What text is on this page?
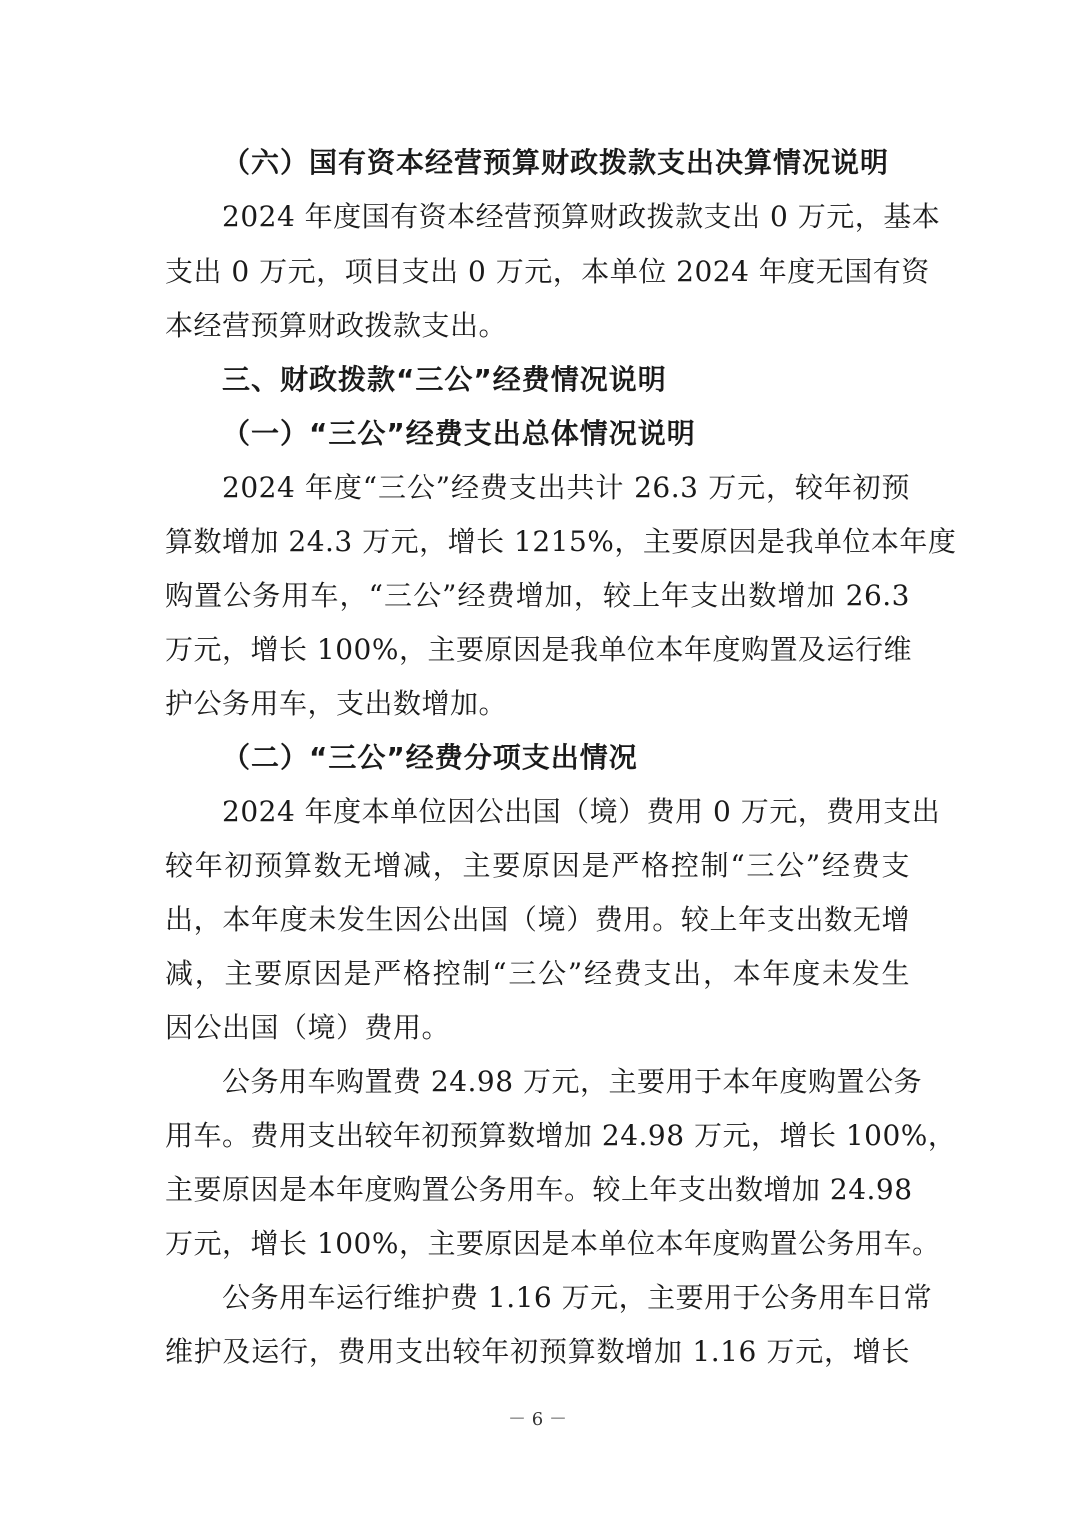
（六）国有资本经营预算财政拨款支出决算情况说明
2024 年度国有资本经营预算财政拨款支出 0 万元，基本
支出 0 万元，项目支出 0 万元，本单位 2024 年度无国有资
本经营预算财政拨款支出。
三、财政拨款“三公”经费情况说明
（一）“三公”经费支出总体情况说明
2024 年度“三公”经费支出共计 26.3 万元，较年初预
算数增加 24.3 万元，增长 1215%，主要原因是我单位本年度
购置公务用车，“三公”经费增加，较上年支出数增加 26.3
万元，增长 100%，主要原因是我单位本年度购置及运行维
护公务用车，支出数增加。
（二）“三公”经费分项支出情况
2024 年度本单位因公出国（境）费用 0 万元，费用支出
较年初预算数无增减，主要原因是严格控制“三公”经费支
出，本年度未发生因公出国（境）费用。较上年支出数无增
减，主要原因是严格控制“三公”经费支出，本年度未发生
因公出国（境）费用。
公务用车购置费 24.98 万元，主要用于本年度购置公务
用车。费用支出较年初预算数增加 24.98 万元，增长 100%，
主要原因是本年度购置公务用车。较上年支出数增加 24.98
万元，增长 100%，主要原因是本单位本年度购置公务用车。
公务用车运行维护费 1.16 万元，主要用于公务用车日常
维护及运行，费用支出较年初预算数增加 1.16 万元，增长
－ 6 －
